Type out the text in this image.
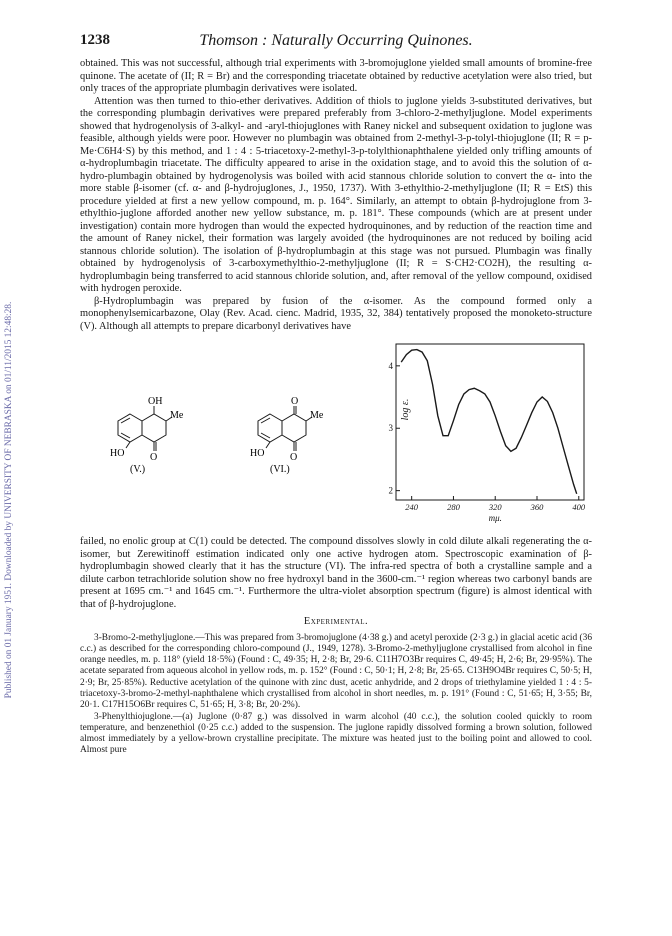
Published on 01 January 1951. Downloaded by UNIVERSITY OF NEBRASKA on 01/11/2015 12:48:28.
1238	Thomson : Naturally Occurring Quinones.

obtained. This was not successful, although trial experiments with 3-bromojuglone yielded small amounts of bromine-free quinone. The acetate of (II; R = Br) and the corresponding triacetate obtained by reductive acetylation were also tried, but only traces of the appropriate plumbagin derivatives were isolated.

Attention was then turned to thio-ether derivatives. Addition of thiols to juglone yields 3-substituted derivatives, but the corresponding plumbagin derivatives were prepared preferably from 3-chloro-2-methyljuglone. Model experiments showed that hydrogenolysis of 3-alkyl- and -aryl-thiojuglones with Raney nickel and subsequent oxidation to juglone was feasible, although yields were poor. However no plumbagin was obtained from 2-methyl-3-p-tolyl-thiojuglone (II; R = p-Me·C6H4·S) by this method, and 1 : 4 : 5-triacetoxy-2-methyl-3-p-tolylthionaphthalene yielded only trifling amounts of α-hydroplumbagin triacetate. The difficulty appeared to arise in the oxidation stage, and to avoid this the solution of α-hydro-plumbagin obtained by hydrogenolysis was boiled with acid stannous chloride solution to convert the α- into the more stable β-isomer (cf. α- and β-hydrojuglones, J., 1950, 1737). With 3-ethylthio-2-methyljuglone (II; R = EtS) this procedure yielded at first a new yellow compound, m. p. 164°. Similarly, an attempt to obtain β-hydrojuglone from 3-ethylthio-juglone afforded another new yellow substance, m. p. 181°. These compounds (which are at present under investigation) contain more hydrogen than would the expected hydroquinones, and by reduction of the reaction time and the amount of Raney nickel, their formation was largely avoided (the hydroquinones are not reduced by boiling acid stannous chloride solution). The isolation of β-hydroplumbagin at this stage was not pursued. Plumbagin was finally obtained by hydrogenolysis of 3-carboxymethylthio-2-methyljuglone (II; R = S·CH2·CO2H), the resulting α-hydroplumbagin being transferred to acid stannous chloride solution, and, after removal of the yellow compound, oxidised with hydrogen peroxide.

β-Hydroplumbagin was prepared by fusion of the α-isomer. As the compound formed only a monophenylsemicarbazone, Olay (Rev. Acad. cienc. Madrid, 1935, 32, 384) tentatively proposed the monoketo-structure (V). Although all attempts to prepare dicarbonyl derivatives have

OH
Me
HO	O
(V.)
O
Me
HO	O
(VI.)
240	280	320	360	400
2
3
4
log ε.
mμ.

failed, no enolic group at C(1) could be detected. The compound dissolves slowly in cold dilute alkali regenerating the α-isomer, but Zerewitinoff estimation indicated only one active hydrogen atom. Spectroscopic examination of β-hydroplumbagin showed clearly that it has the structure (VI). The infra-red spectra of both a crystalline sample and a dilute carbon tetrachloride solution show no free hydroxyl band in the 3600-cm.⁻¹ region whereas two carbonyl bands are present at 1695 cm.⁻¹ and 1645 cm.⁻¹. Furthermore the ultra-violet absorption spectrum (figure) is almost identical with that of β-hydrojuglone.

Experimental.

3-Bromo-2-methyljuglone.—This was prepared from 3-bromojuglone (4·38 g.) and acetyl peroxide (2·3 g.) in glacial acetic acid (36 c.c.) as described for the corresponding chloro-compound (J., 1949, 1278). 3-Bromo-2-methyljuglone crystallised from alcohol in fine orange needles, m. p. 118° (yield 18·5%) (Found : C, 49·35; H, 2·8; Br, 29·6. C11H7O3Br requires C, 49·45; H, 2·6; Br, 29·95%). The acetate separated from aqueous alcohol in yellow rods, m. p. 152° (Found : C, 50·1; H, 2·8; Br, 25·65. C13H9O4Br requires C, 50·5; H, 2·9; Br, 25·85%). Reductive acetylation of the quinone with zinc dust, acetic anhydride, and 2 drops of triethylamine yielded 1 : 4 : 5-triacetoxy-3-bromo-2-methyl-naphthalene which crystallised from alcohol in short needles, m. p. 191° (Found : C, 51·65; H, 3·55; Br, 20·1. C17H15O6Br requires C, 51·65; H, 3·8; Br, 20·2%).

3-Phenylthiojuglone.—(a) Juglone (0·87 g.) was dissolved in warm alcohol (40 c.c.), the solution cooled quickly to room temperature, and benzenethiol (0·25 c.c.) added to the suspension. The juglone rapidly dissolved forming a brown solution, followed almost immediately by a yellow-brown crystalline precipitate. The mixture was heated just to the boiling point and allowed to cool. Almost pure
